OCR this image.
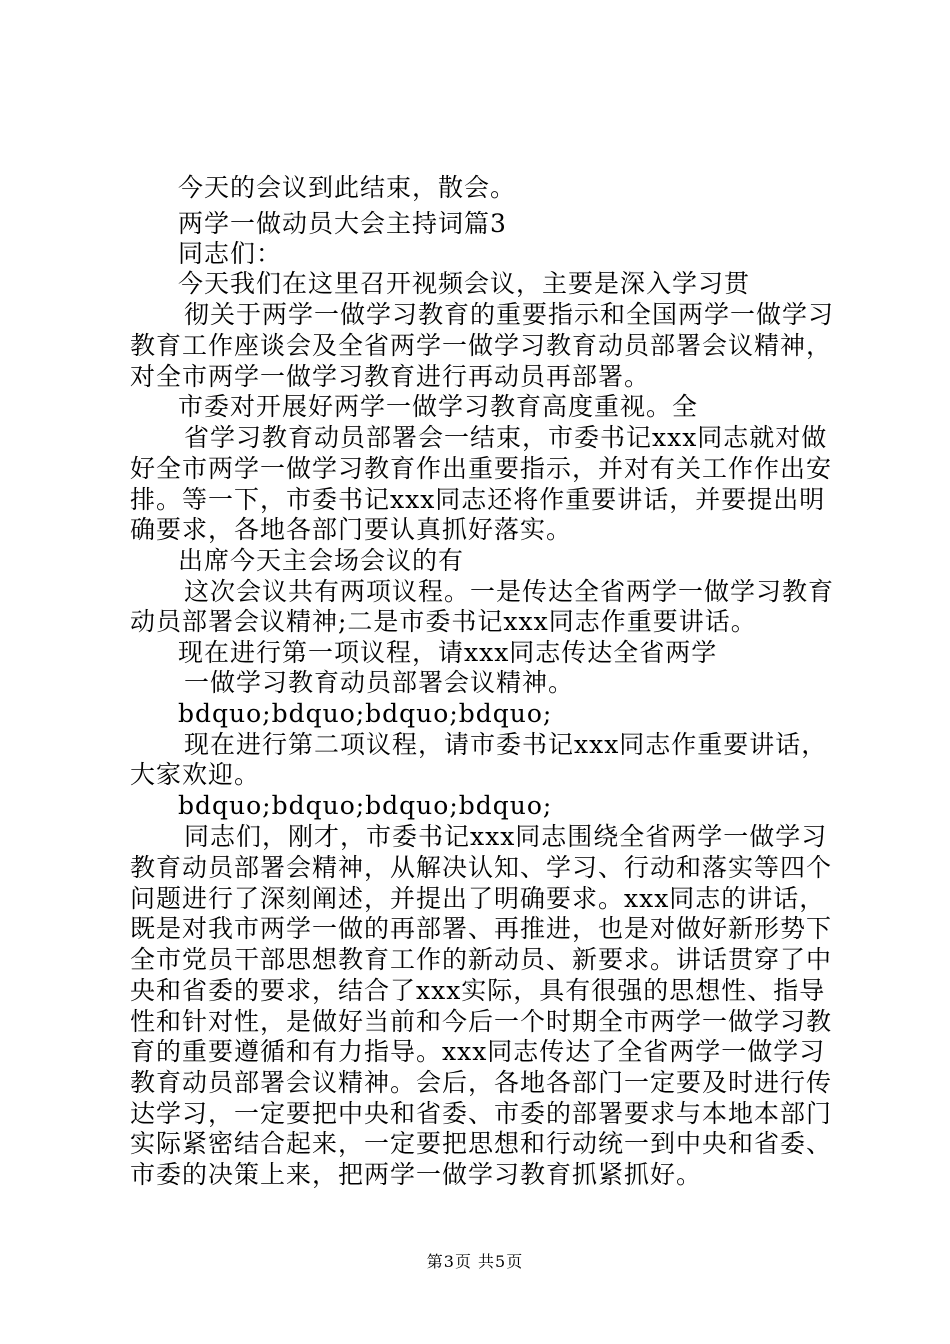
今天的会议到此结束，散会。
两学一做动员大会主持词篇3
同志们：
今天我们在这里召开视频会议，主要是深入学习贯
彻关于两学一做学习教育的重要指示和全国两学一做学习
教育工作座谈会及全省两学一做学习教育动员部署会议精神，
对全市两学一做学习教育进行再动员再部署。
市委对开展好两学一做学习教育高度重视。全
省学习教育动员部署会一结束，市委书记xxx同志就对做
好全市两学一做学习教育作出重要指示，并对有关工作作出安
排。等一下，市委书记xxx同志还将作重要讲话，并要提出明
确要求，各地各部门要认真抓好落实。
出席今天主会场会议的有
这次会议共有两项议程。一是传达全省两学一做学习教育
动员部署会议精神;二是市委书记xxx同志作重要讲话。
现在进行第一项议程，请xxx同志传达全省两学
一做学习教育动员部署会议精神。
bdquo;bdquo;bdquo;bdquo;
现在进行第二项议程，请市委书记xxx同志作重要讲话，
大家欢迎。
bdquo;bdquo;bdquo;bdquo;
同志们，刚才，市委书记xxx同志围绕全省两学一做学习
教育动员部署会精神，从解决认知、学习、行动和落实等四个
问题进行了深刻阐述，并提出了明确要求。xxx同志的讲话，
既是对我市两学一做的再部署、再推进，也是对做好新形势下
全市党员干部思想教育工作的新动员、新要求。讲话贯穿了中
央和省委的要求，结合了xxx实际，具有很强的思想性、指导
性和针对性，是做好当前和今后一个时期全市两学一做学习教
育的重要遵循和有力指导。xxx同志传达了全省两学一做学习
教育动员部署会议精神。会后，各地各部门一定要及时进行传
达学习，一定要把中央和省委、市委的部署要求与本地本部门
实际紧密结合起来，一定要把思想和行动统一到中央和省委、
市委的决策上来，把两学一做学习教育抓紧抓好。
第3页 共5页
